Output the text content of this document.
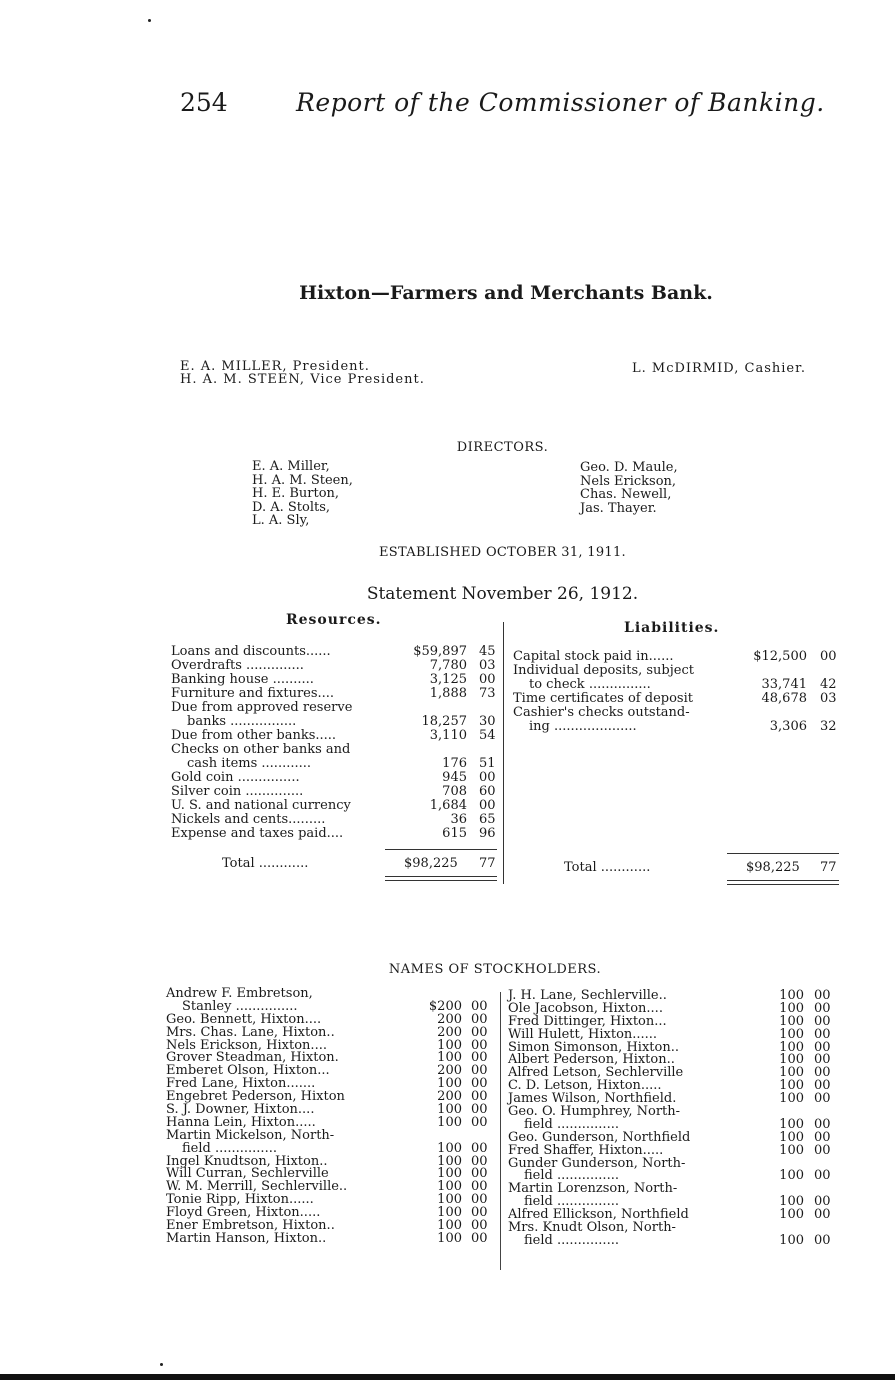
254	Report of the Commissioner of Banking.
Hixton—Farmers and Merchants Bank.
E. A. MILLER, President.
H. A. M. STEEN, Vice President.
L. McDIRMID, Cashier.
DIRECTORS.
E. A. Miller,
H. A. M. Steen,
H. E. Burton,
D. A. Stolts,
L. A. Sly,
Geo. D. Maule,
Nels Erickson,
Chas. Newell,
Jas. Thayer.
ESTABLISHED OCTOBER 31, 1911.
Statement November 26, 1912.
Resources.	Liabilities.
Loans and discounts......	$59,897 45
Overdrafts ..............	7,780 03
Banking house ..........	3,125 00
Furniture and fixtures....	1,888 73
Due from approved reserve
banks ................	18,257 30
Due from other banks.....	3,110 54
Checks on other banks and
cash items ............	176 51
Gold coin ...............	945 00
Silver coin ..............	708 60
U. S. and national currency	1,684 00
Nickels and cents.........	36 65
Expense and taxes paid....	615 96
Capital stock paid in......	$12,500 00
Individual deposits, subject
to check ...............	33,741 42
Time certificates of deposit	48,678 03
Cashier's checks outstand-
ing ....................	3,306 32
Total ............	$98,225 77	Total ............	$98,225 77
NAMES OF STOCKHOLDERS.
Andrew F. Embretson,
Stanley ...............	$200 00
Geo. Bennett, Hixton....	200 00
Mrs. Chas. Lane, Hixton..	200 00
Nels Erickson, Hixton....	100 00
Grover Steadman, Hixton.	100 00
Emberet Olson, Hixton...	200 00
Fred Lane, Hixton.......	100 00
Engebret Pederson, Hixton	200 00
S. J. Downer, Hixton....	100 00
Hanna Lein, Hixton.....	100 00
Martin Mickelson, North-
field ...............	100 00
Ingel Knudtson, Hixton..	100 00
Will Curran, Sechlerville	100 00
W. M. Merrill, Sechlerville..	100 00
Tonie Ripp, Hixton......	100 00
Floyd Green, Hixton.....	100 00
Ener Embretson, Hixton..	100 00
Martin Hanson, Hixton..	100 00
J. H. Lane, Sechlerville..	100 00
Ole Jacobson, Hixton....	100 00
Fred Dittinger, Hixton...	100 00
Will Hulett, Hixton......	100 00
Simon Simonson, Hixton..	100 00
Albert Pederson, Hixton..	100 00
Alfred Letson, Sechlerville	100 00
C. D. Letson, Hixton.....	100 00
James Wilson, Northfield.	100 00
Geo. O. Humphrey, North-
field ...............	100 00
Geo. Gunderson, Northfield	100 00
Fred Shaffer, Hixton.....	100 00
Gunder Gunderson, North-
field ...............	100 00
Martin Lorenzson, North-
field ...............	100 00
Alfred Ellickson, Northfield	100 00
Mrs. Knudt Olson, North-
field ...............	100 00
